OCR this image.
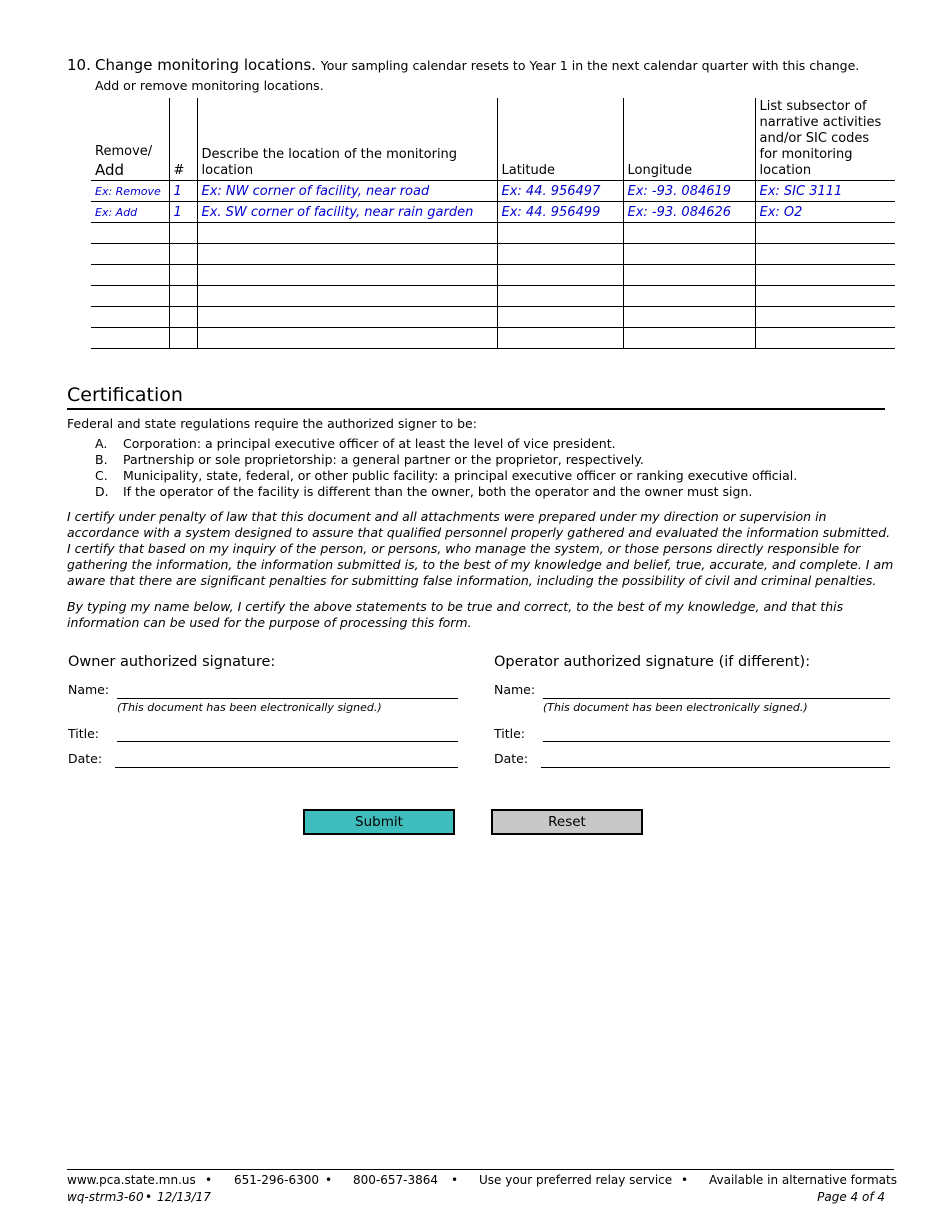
10. Change monitoring locations. Your sampling calendar resets to Year 1 in the next calendar quarter with this change.
Add or remove monitoring locations.
Remove/
Add	#	Describe the location of the monitoring location	Latitude	Longitude	List subsector of narrative activities and/or SIC codes for monitoring location
Ex: Remove	1	Ex: NW corner of facility, near road	Ex: 44. 956497	Ex: -93. 084619	Ex: SIC 3111
Ex: Add	1	Ex. SW corner of facility, near rain garden	Ex: 44. 956499	Ex: -93. 084626	Ex: O2

Certification
Federal and state regulations require the authorized signer to be:
A. Corporation: a principal executive officer of at least the level of vice president.
B. Partnership or sole proprietorship: a general partner or the proprietor, respectively.
C. Municipality, state, federal, or other public facility: a principal executive officer or ranking executive official.
D. If the operator of the facility is different than the owner, both the operator and the owner must sign.
I certify under penalty of law that this document and all attachments were prepared under my direction or supervision in accordance with a system designed to assure that qualified personnel properly gathered and evaluated the information submitted. I certify that based on my inquiry of the person, or persons, who manage the system, or those persons directly responsible for gathering the information, the information submitted is, to the best of my knowledge and belief, true, accurate, and complete. I am aware that there are significant penalties for submitting false information, including the possibility of civil and criminal penalties.
By typing my name below, I certify the above statements to be true and correct, to the best of my knowledge, and that this information can be used for the purpose of processing this form.
Owner authorized signature:
Name:
(This document has been electronically signed.)
Title:
Date:
Operator authorized signature (if different):
Name:
(This document has been electronically signed.)
Title:
Date:
Submit	Reset
www.pca.state.mn.us • 651-296-6300 • 800-657-3864 • Use your preferred relay service • Available in alternative formats
wq-strm3-60 • 12/13/17	Page 4 of 4
